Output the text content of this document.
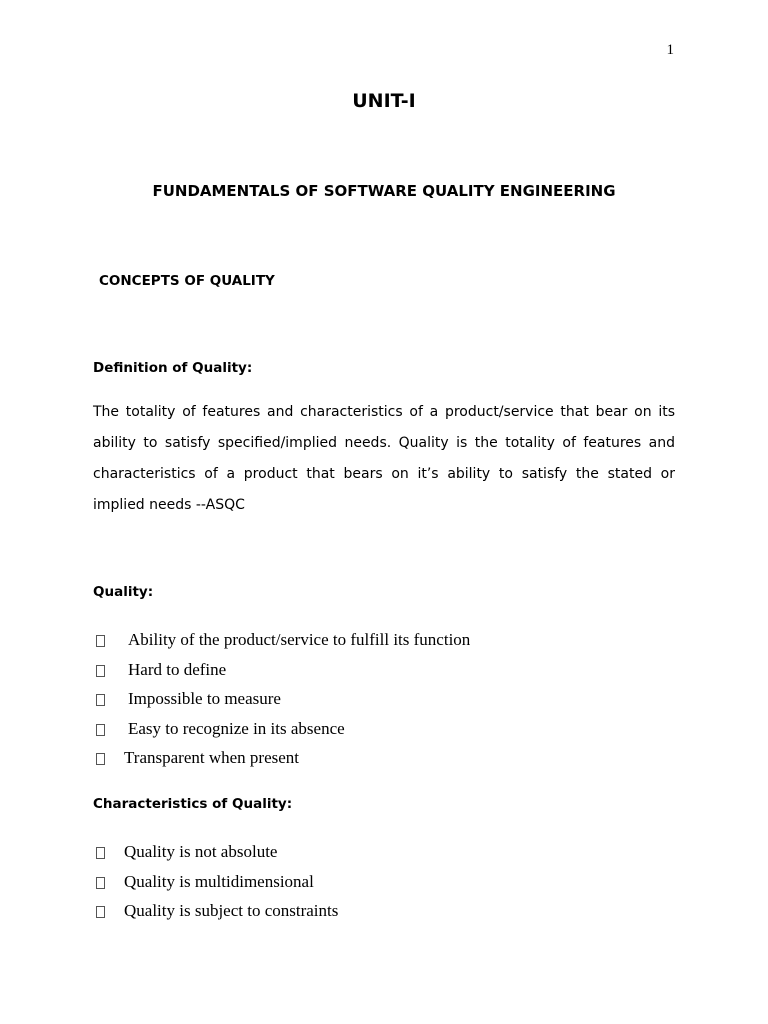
1
UNIT-I
FUNDAMENTALS OF SOFTWARE QUALITY ENGINEERING
CONCEPTS OF QUALITY
Definition of Quality:

The totality of features and characteristics of a product/service that bear on its ability to satisfy specified/implied needs. Quality is the totality of features and characteristics of a product that bears on it’s ability to satisfy the stated or implied needs --ASQC

Quality:
Ability of the product/service to fulfill its function
Hard to define
Impossible to measure
Easy to recognize in its absence
Transparent when present
Characteristics of Quality:
Quality is not absolute
Quality is multidimensional
Quality is subject to constraints
